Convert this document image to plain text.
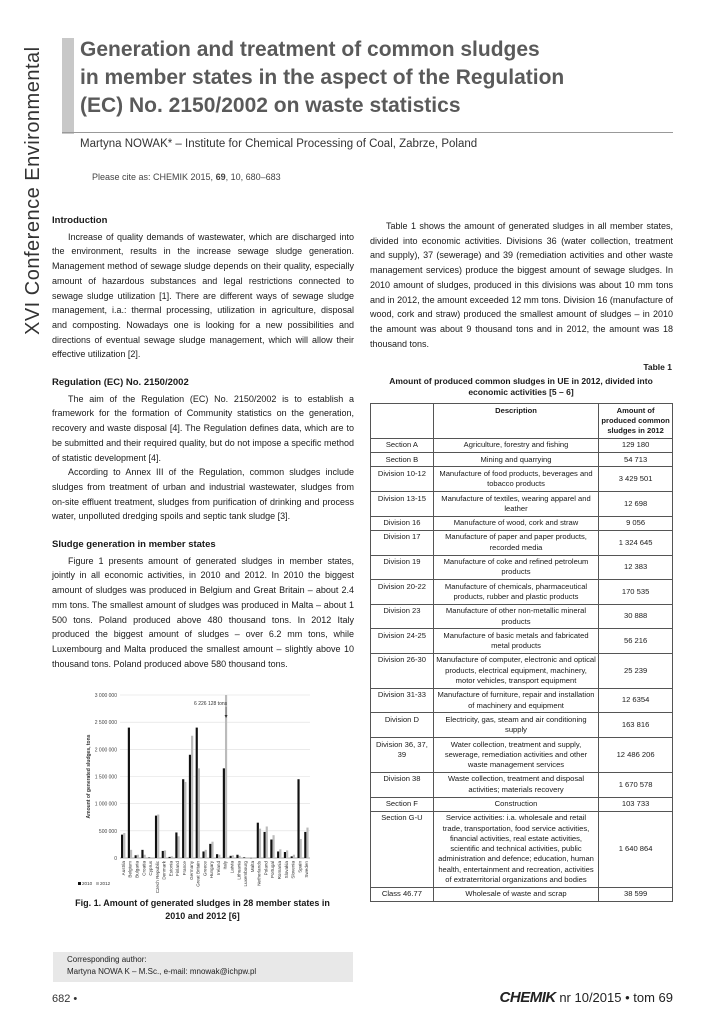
XVI Conference Environmental Generation and treatment of common sludges
in member states in the aspect of the Regulation
(EC) No. 2150/2002 on waste statistics
Martyna NOWAK* – Institute for Chemical Processing of Coal, Zabrze, Poland
Please cite as: CHEMIK 2015, 69, 10, 680–683
Introduction

Increase of quality demands of wastewater, which are discharged into the environment, results in the increase sewage sludge generation. Management method of sewage sludge depends on their quality, especially amount of hazardous substances and legal restrictions connected to sewage sludge utilization [1]. There are different ways of sewage sludge management, i.a.: thermal processing, utilization in agriculture, disposal and composting. Nowadays one is looking for a new possibilities and directions of eventual sewage sludge management, which will allow their effective utilization [2].

Regulation (EC) No. 2150/2002

The aim of the Regulation (EC) No. 2150/2002 is to establish a framework for the formation of Community statistics on the generation, recovery and waste disposal [4]. The Regulation defines data, which are to be submitted and their required quality, but do not impose a specific method of statistic development [4].

According to Annex III of the Regulation, common sludges include sludges from treatment of urban and industrial wastewater, sludges from on-site effluent treatment, sludges from purification of drinking and process water, unpolluted dredging spoils and septic tank sludge [3].

Sludge generation in member states

Figure 1 presents amount of generated sludges in member states, jointly in all economic activities, in 2010 and 2012. In 2010 the biggest amount of sludges was produced in Belgium and Great Britain – about 2.4 mm tons. The smallest amount of sludges was produced in Malta – about 1 500 tons. Poland produced above 480 thousand tons. In 2012 Italy produced the biggest amount of sludges – over 6.2 mm tons, while Luxembourg and Malta produced the smallest amount – slightly above 10 thousand tons. Poland produced above 580 thousand tons.

Table 1 shows the amount of generated sludges in all member states, divided into economic activities. Divisions 36 (water collection, treatment and supply), 37 (sewerage) and 39 (remediation activities and other waste management services) produce the biggest amount of sewage sludges. In 2010 amount of sludges, produced in this divisions was about 10 mm tons and in 2012, the amount exceeded 12 mm tons. Division 16 (manufacture of wood, cork and straw) produced the smallest amount of sludges – in 2010 the amount was about 9 thousand tons and in 2012, the amount was 18 thousand tons.

0
500 000
1 000 000
1 500 000
2 000 000
2 500 000
3 000 000
Amount of generated sludges, tons
Austria Belgium Bulgaria Croatia Cyprus Czech Republic Denmark Estonia Finland France Germany Great Britain Greece Hungary Ireland Italy Latvia Lithuania Luxembourg Malta Netherlands Poland Portugal Romania Slovakia Slovenia Spain Sweden
6 226 128 tons
2010 2012
Fig. 1. Amount of generated sludges in 28 member states in 2010 and 2012 [6]
Corresponding author:
Martyna NOWA K – M.Sc., e-mail: mnowak@ichpw.pl
Table 1
Amount of produced common sludges in UE in 2012, divided into economic activities [5 – 6]
	Description	Amount of produced common sludges in 2012
Section A	Agriculture, forestry and fishing	129 180
Section B	Mining and quarrying	54 713
Division 10-12	Manufacture of food products, beverages and tobacco products	3 429 501
Division 13-15	Manufacture of textiles, wearing apparel and leather	12 698
Division 16	Manufacture of wood, cork and straw	9 056
Division 17	Manufacture of paper and paper products, recorded media	1 324 645
Division 19	Manufacture of coke and refined petroleum products	12 383
Division 20-22	Manufacture of chemicals, pharmaceutical products, rubber and plastic products	170 535
Division 23	Manufacture of other non-metallic mineral products	30 888
Division 24-25	Manufacture of basic metals and fabricated metal products	56 216
Division 26-30	Manufacture of computer, electronic and optical products, electrical equipment, machinery, motor vehicles, transport equipment	25 239
Division 31-33	Manufacture of furniture, repair and installation of machinery and equipment	12 6354
Division D	Electricity, gas, steam and air conditioning supply	163 816
Division 36, 37, 39	Water collection, treatment and supply, sewerage, remediation activities and other waste management services	12 486 206
Division 38	Waste collection, treatment and disposal activities; materials recovery	1 670 578
Section F	Construction	103 733
Section G-U	Service activities: i.a. wholesale and retail trade, transportation, food service activities, financial activities, real estate activities, scientific and technical activities, public administration and defence; education, human health, entertainment and recreation, activities of extraterritorial organizations and bodies	1 640 864
Class 46.77	Wholesale of waste and scrap	38 599
682 •	CHEMIK nr 10/2015 • tom 69
